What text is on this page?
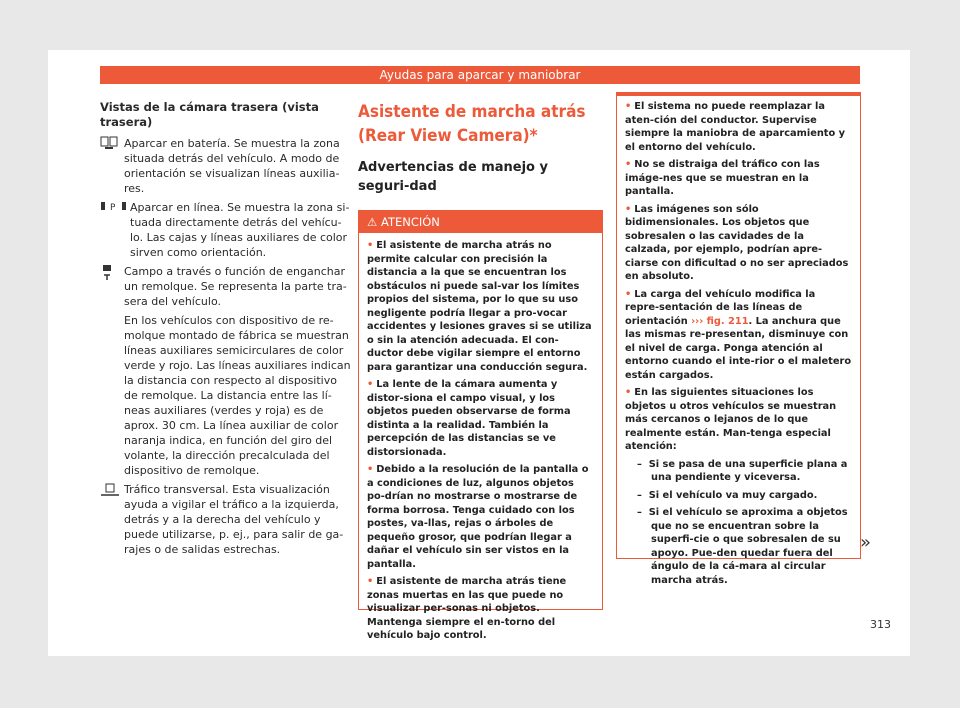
Ayudas para aparcar y maniobrar
Vistas de la cámara trasera (vista trasera)

Aparcar en batería. Se muestra la zona situada detrás del vehículo. A modo de orientación se visualizan líneas auxilia-res.

P Aparcar en línea. Se muestra la zona si-tuada directamente detrás del vehícu-lo. Las cajas y líneas auxiliares de color sirven como orientación.

Campo a través o función de enganchar un remolque. Se representa la parte tra-sera del vehículo.

En los vehículos con dispositivo de re-molque montado de fábrica se muestran líneas auxiliares semicirculares de color verde y rojo. Las líneas auxiliares indican la distancia con respecto al dispositivo de remolque. La distancia entre las lí-neas auxiliares (verdes y roja) es de aprox. 30 cm. La línea auxiliar de color naranja indica, en función del giro del volante, la dirección precalculada del dispositivo de remolque.

Tráfico transversal. Esta visualización ayuda a vigilar el tráfico a la izquierda, detrás y a la derecha del vehículo y puede utilizarse, p. ej., para salir de ga-rajes o de salidas estrechas.

Asistente de marcha atrás (Rear View Camera)*
Advertencias de manejo y seguri-dad
⚠ ATENCIÓN

• El asistente de marcha atrás no permite calcular con precisión la distancia a la que se encuentran los obstáculos ni puede sal-var los límites propios del sistema, por lo que su uso negligente podría llegar a pro-vocar accidentes y lesiones graves si se utiliza o sin la atención adecuada. El con-ductor debe vigilar siempre el entorno para garantizar una conducción segura.

• La lente de la cámara aumenta y distor-siona el campo visual, y los objetos pueden observarse de forma distinta a la realidad. También la percepción de las distancias se ve distorsionada.

• Debido a la resolución de la pantalla o a condiciones de luz, algunos objetos po-drían no mostrarse o mostrarse de forma borrosa. Tenga cuidado con los postes, va-llas, rejas o árboles de pequeño grosor, que podrían llegar a dañar el vehículo sin ser vistos en la pantalla.

• El asistente de marcha atrás tiene zonas muertas en las que puede no visualizar per-sonas ni objetos. Mantenga siempre el en-torno del vehículo bajo control.

• El sistema no puede reemplazar la aten-ción del conductor. Supervise siempre la maniobra de aparcamiento y el entorno del vehículo.

• No se distraiga del tráfico con las imáge-nes que se muestran en la pantalla.

• Las imágenes son sólo bidimensionales. Los objetos que sobresalen o las cavidades de la calzada, por ejemplo, podrían apre-ciarse con dificultad o no ser apreciados en absoluto.

• La carga del vehículo modifica la repre-sentación de las líneas de orientación ››› fig. 211. La anchura que las mismas re-presentan, disminuye con el nivel de carga. Ponga atención al entorno cuando el inte-rior o el maletero están cargados.

• En las siguientes situaciones los objetos u otros vehículos se muestran más cercanos o lejanos de lo que realmente están. Man-tenga especial atención:

–  Si se pasa de una superficie plana a una pendiente y viceversa.

–  Si el vehículo va muy cargado.

–  Si el vehículo se aproxima a objetos que no se encuentran sobre la superfi-cie o que sobresalen de su apoyo. Pue-den quedar fuera del ángulo de la cá-mara al circular marcha atrás.

»
313
